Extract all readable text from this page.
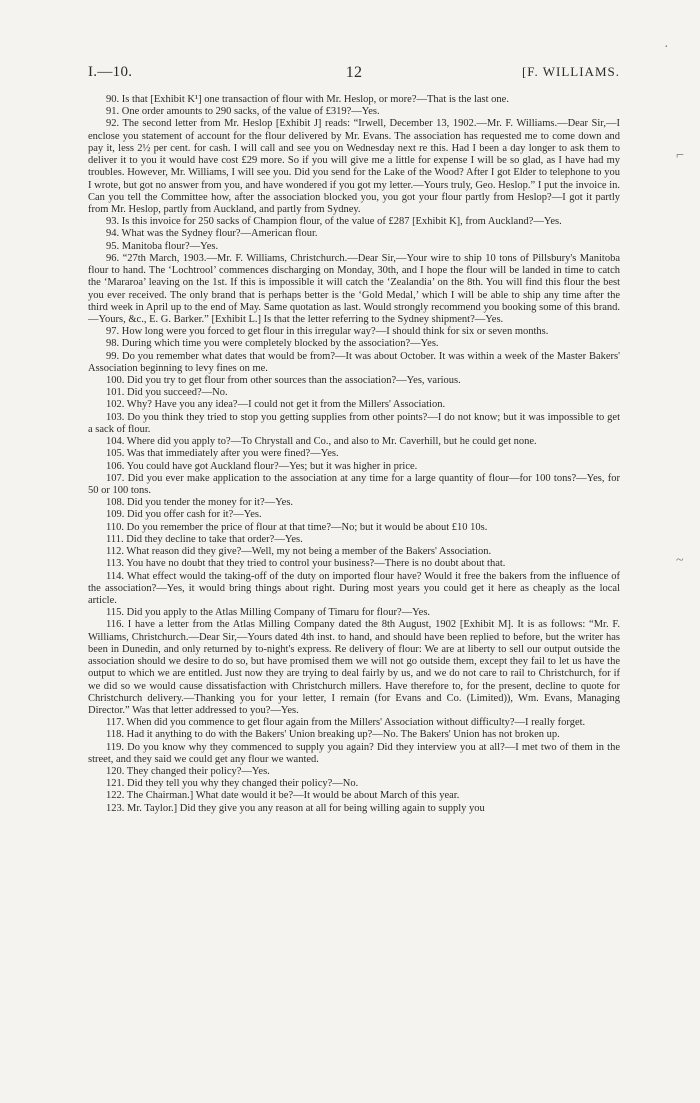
I.—10.	12	[F. WILLIAMS.

90. Is that [Exhibit K¹] one transaction of flour with Mr. Heslop, or more?—That is the last one.

91. One order amounts to 290 sacks, of the value of £319?—Yes.

92. The second letter from Mr. Heslop [Exhibit J] reads: “Irwell, December 13, 1902.—Mr. F. Williams.—Dear Sir,—I enclose you statement of account for the flour delivered by Mr. Evans. The association has requested me to come down and pay it, less 2½ per cent. for cash. I will call and see you on Wednesday next re this. Had I been a day longer to ask them to deliver it to you it would have cost £29 more. So if you will give me a little for expense I will be so glad, as I have had my troubles. However, Mr. Williams, I will see you. Did you send for the Lake of the Wood? After I got Elder to telephone to you I wrote, but got no answer from you, and have wondered if you got my letter.—Yours truly, Geo. Heslop.” I put the invoice in. Can you tell the Committee how, after the association blocked you, you got your flour partly from Heslop?—I got it partly from Mr. Heslop, partly from Auckland, and partly from Sydney.

93. Is this invoice for 250 sacks of Champion flour, of the value of £287 [Exhibit K], from Auckland?—Yes.

94. What was the Sydney flour?—American flour.

95. Manitoba flour?—Yes.

96. “27th March, 1903.—Mr. F. Williams, Christchurch.—Dear Sir,—Your wire to ship 10 tons of Pillsbury's Manitoba flour to hand. The ‘Lochtrool’ commences discharging on Monday, 30th, and I hope the flour will be landed in time to catch the ‘Mararoa’ leaving on the 1st. If this is impossible it will catch the ‘Zealandia’ on the 8th. You will find this flour the best you ever received. The only brand that is perhaps better is the ‘Gold Medal,’ which I will be able to ship any time after the third week in April up to the end of May. Same quotation as last. Would strongly recommend you booking some of this brand.—Yours, &c., E. G. Barker.” [Exhibit L.] Is that the letter referring to the Sydney shipment?—Yes.

97. How long were you forced to get flour in this irregular way?—I should think for six or seven months.

98. During which time you were completely blocked by the association?—Yes.

99. Do you remember what dates that would be from?—It was about October. It was within a week of the Master Bakers' Association beginning to levy fines on me.

100. Did you try to get flour from other sources than the association?—Yes, various.

101. Did you succeed?—No.

102. Why? Have you any idea?—I could not get it from the Millers' Association.

103. Do you think they tried to stop you getting supplies from other points?—I do not know; but it was impossible to get a sack of flour.

104. Where did you apply to?—To Chrystall and Co., and also to Mr. Caverhill, but he could get none.

105. Was that immediately after you were fined?—Yes.

106. You could have got Auckland flour?—Yes; but it was higher in price.

107. Did you ever make application to the association at any time for a large quantity of flour—for 100 tons?—Yes, for 50 or 100 tons.

108. Did you tender the money for it?—Yes.

109. Did you offer cash for it?—Yes.

110. Do you remember the price of flour at that time?—No; but it would be about £10 10s.

111. Did they decline to take that order?—Yes.

112. What reason did they give?—Well, my not being a member of the Bakers' Association.

113. You have no doubt that they tried to control your business?—There is no doubt about that.

114. What effect would the taking-off of the duty on imported flour have? Would it free the bakers from the influence of the association?—Yes, it would bring things about right. During most years you could get it here as cheaply as the local article.

115. Did you apply to the Atlas Milling Company of Timaru for flour?—Yes.

116. I have a letter from the Atlas Milling Company dated the 8th August, 1902 [Exhibit M]. It is as follows: “Mr. F. Williams, Christchurch.—Dear Sir,—Yours dated 4th inst. to hand, and should have been replied to before, but the writer has been in Dunedin, and only returned by to-night's express. Re delivery of flour: We are at liberty to sell our output outside the association should we desire to do so, but have promised them we will not go outside them, except they fail to let us have the output to which we are entitled. Just now they are trying to deal fairly by us, and we do not care to rail to Christchurch, for if we did so we would cause dissatisfaction with Christchurch millers. Have therefore to, for the present, decline to quote for Christchurch delivery.—Thanking you for your letter, I remain (for Evans and Co. (Limited)), Wm. Evans, Managing Director.” Was that letter addressed to you?—Yes.

117. When did you commence to get flour again from the Millers' Association without difficulty?—I really forget.

118. Had it anything to do with the Bakers' Union breaking up?—No. The Bakers' Union has not broken up.

119. Do you know why they commenced to supply you again? Did they interview you at all?—I met two of them in the street, and they said we could get any flour we wanted.

120. They changed their policy?—Yes.

121. Did they tell you why they changed their policy?—No.

122. The Chairman.] What date would it be?—It would be about March of this year.

123. Mr. Taylor.] Did they give you any reason at all for being willing again to supply you

·
⌐
~
